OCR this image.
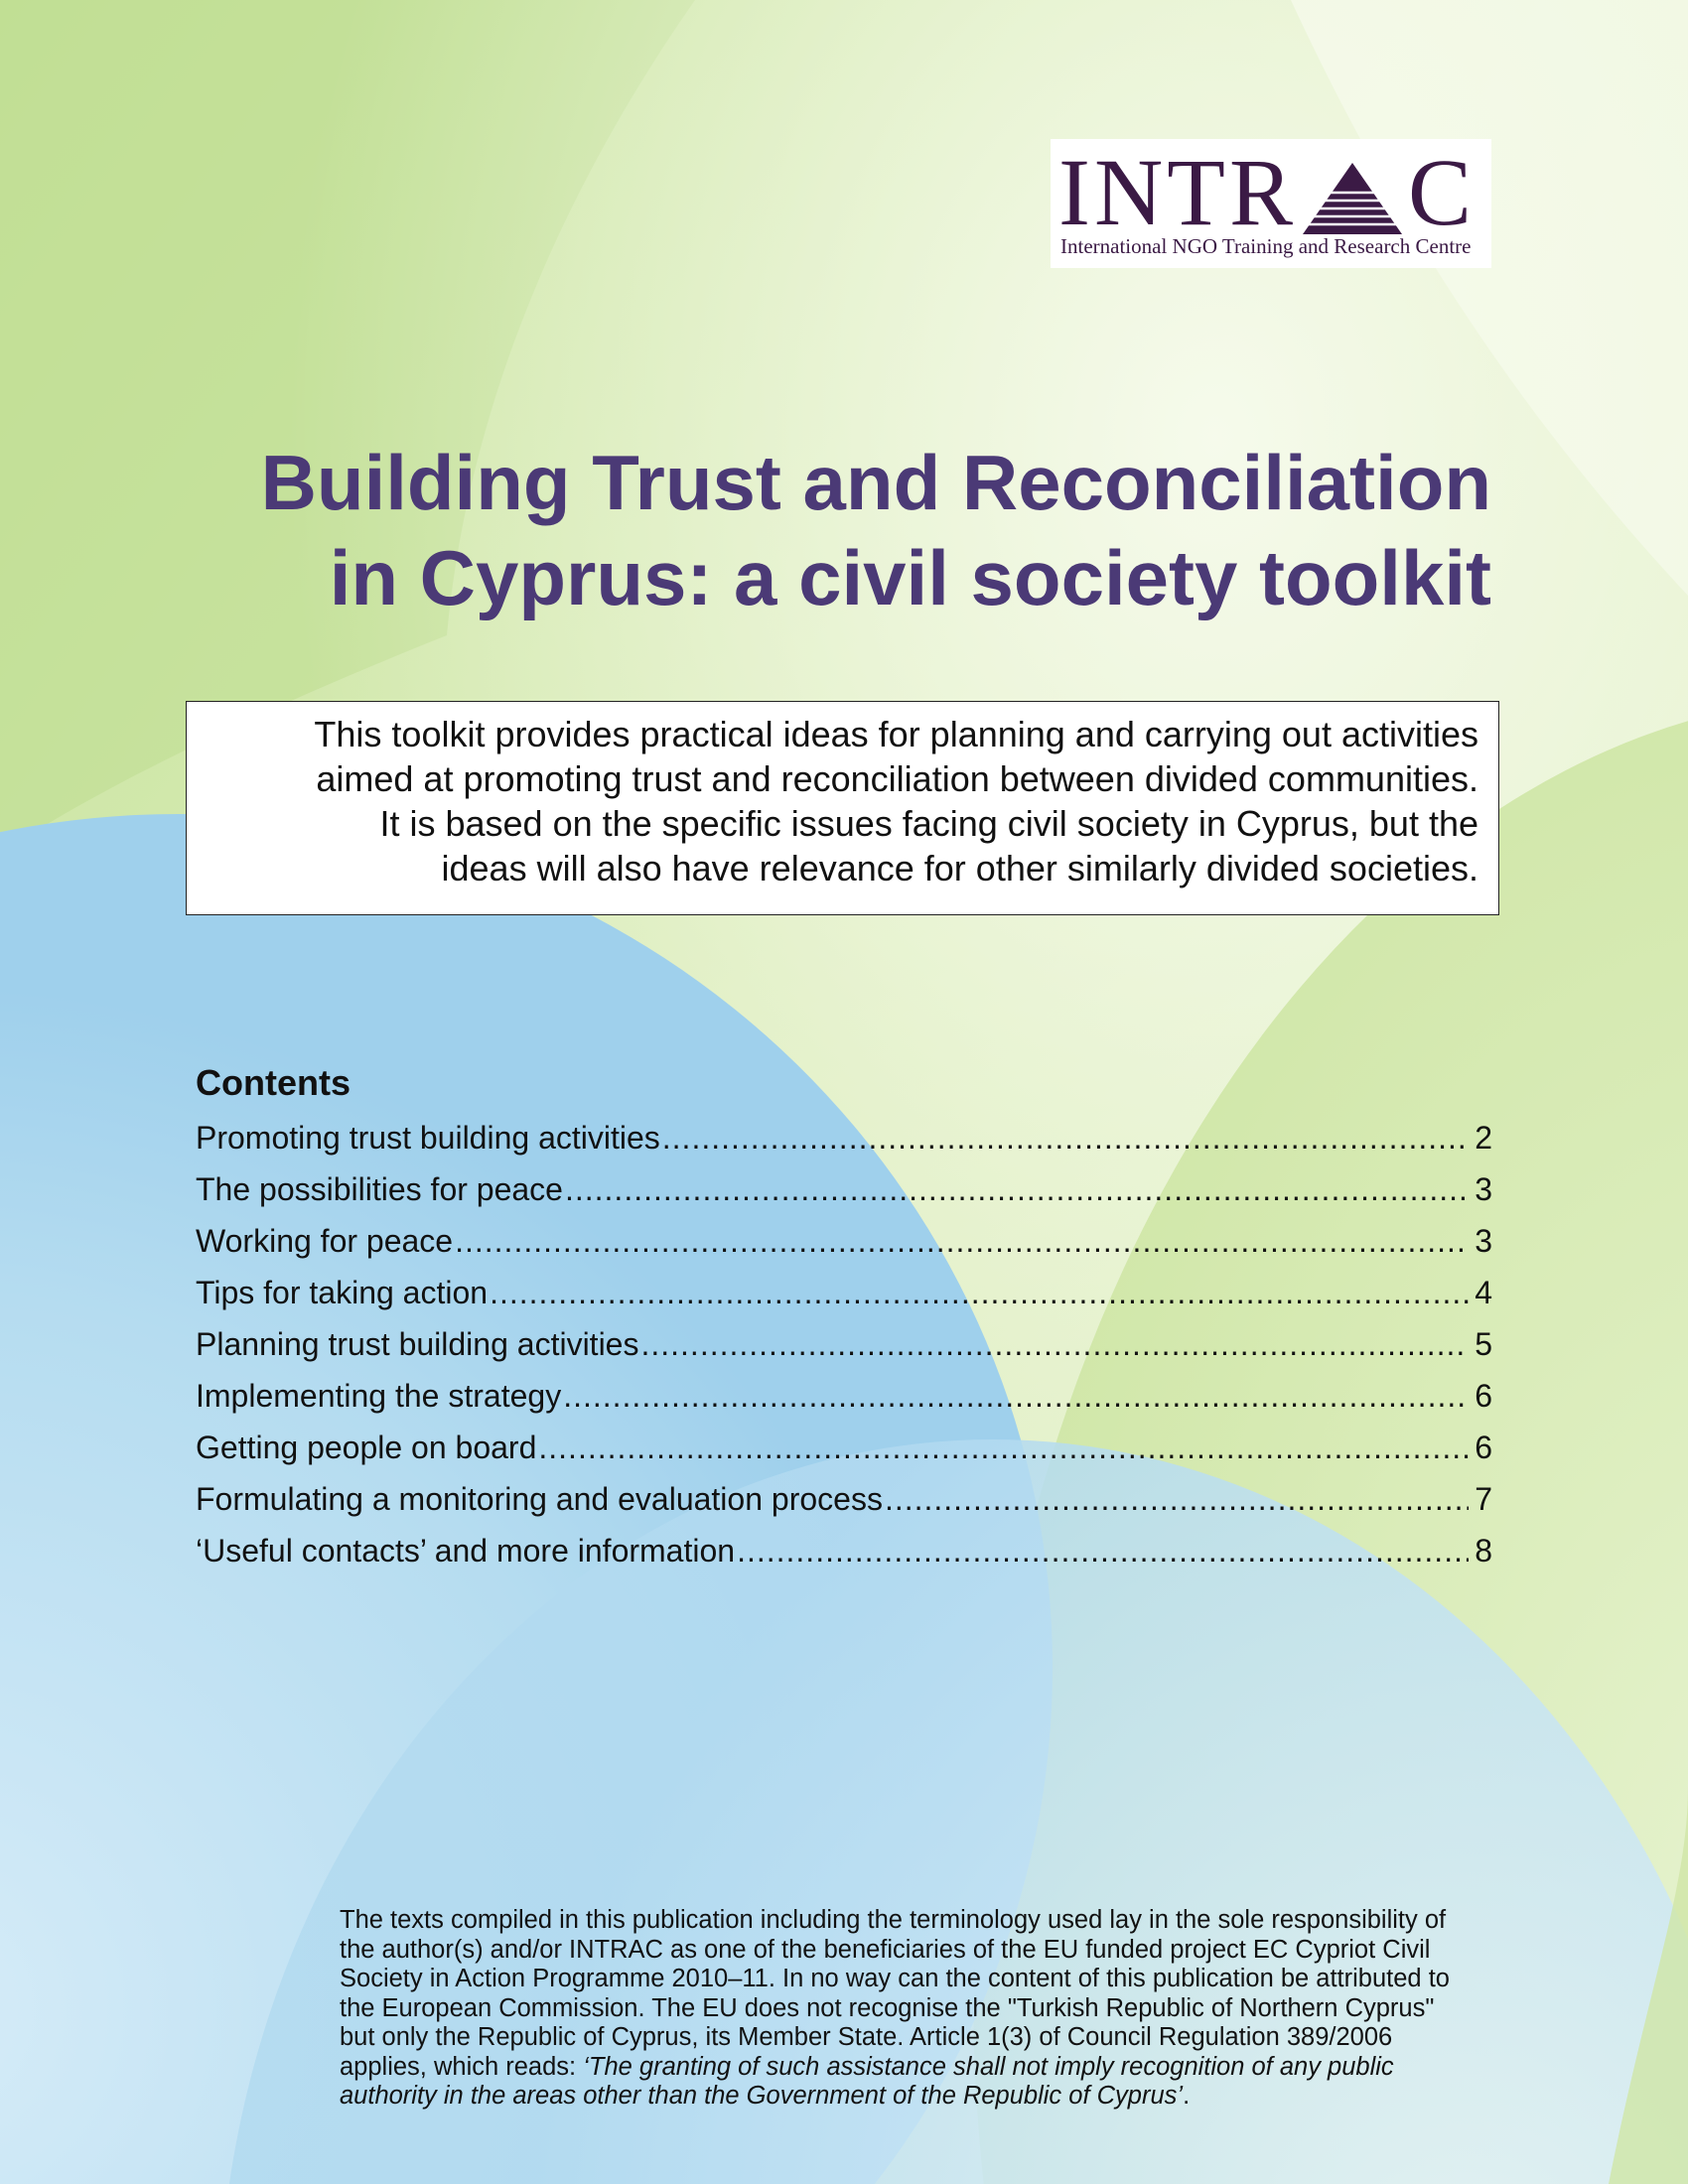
INTR C
International NGO Training and Research Centre
Building Trust and Reconciliation
in Cyprus: a civil society toolkit
This toolkit provides practical ideas for planning and carrying out activities
aimed at promoting trust and reconciliation between divided communities.
It is based on the specific issues facing civil society in Cyprus, but the
ideas will also have relevance for other similarly divided societies.
Contents
Promoting trust building activities .....	2
The possibilities for peace .....	3
Working for peace .....	3
Tips for taking action .....	4
Planning trust building activities .....	5
Implementing the strategy .....	6
Getting people on board .....	6
Formulating a monitoring and evaluation process .....	7
‘Useful contacts’ and more information .....	8
The texts compiled in this publication including the terminology used lay in the sole responsibility of
the author(s) and/or INTRAC as one of the beneficiaries of the EU funded project EC Cypriot Civil
Society in Action Programme 2010–11. In no way can the content of this publication be attributed to
the European Commission. The EU does not recognise the "Turkish Republic of Northern Cyprus"
but only the Republic of Cyprus, its Member State. Article 1(3) of Council Regulation 389/2006
applies, which reads: ‘The granting of such assistance shall not imply recognition of any public
authority in the areas other than the Government of the Republic of Cyprus’.
